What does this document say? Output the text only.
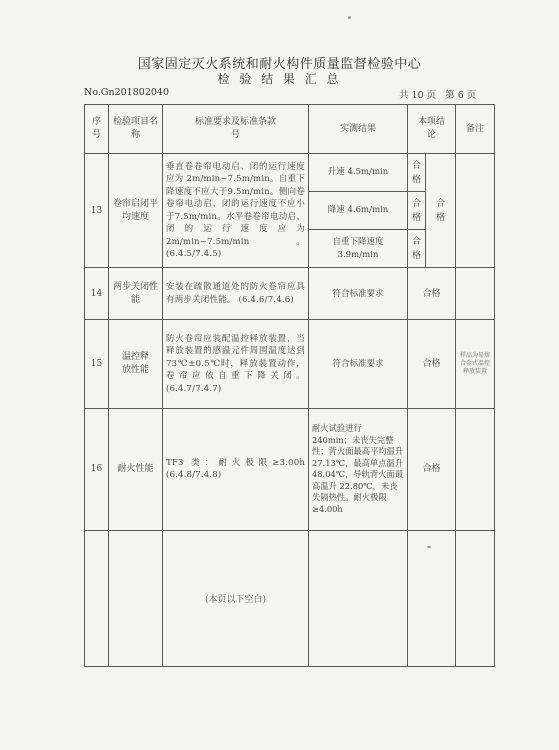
国家固定灭火系统和耐火构件质量监督检验中心
检 验 结 果 汇 总
No.Gn201802040	共 10 页 第 6 页
序号	检验项目名称	标准要求及标准条款号	实测结果	本项结论		备注
13	卷帘启闭平均速度	垂直卷卷帘电动启、闭的运行速度应为 2m/min~7.5m/min。自重下降速度不应大于9.5m/min。侧向卷卷帘电动启、闭的运行速度不应小于7.5m/min。水平卷卷帘电动启、闭的运行速度应为 2m/min~7.5m/min。 (6.4.5/7.4.5)	升速 4.5m/min	合格	合格	
			降速 4.6m/min	合格		
			自重下降速度 3.9m/min	合格		
14	两步关闭性能	安装在疏散通道处的防火卷帘应具有两步关闭性能。 (6.4.6/7.4.6)	符合标准要求	合格		
15	温控释放性能	防火卷帘应装配温控释放装置，当释放装置的感温元件周围温度达到 73℃±0.5℃时，释放装置动作，卷帘应依自重下降关闭。 (6.4.7/7.4.7)	符合标准要求	合格		样品为易熔合金式温控释放装置
16	耐火性能	TF3 类：耐火极限≥3.00h (6.4.8/7.4.8)	耐火试验进行 240min；未丧失完整性；背火面最高平均温升 27.13℃，最高单点温升 48.04℃，导轨背火面最高温升 22.80℃，未丧失隔热性。耐火极限≥4.00h	合格		
		(本页以下空白)				
